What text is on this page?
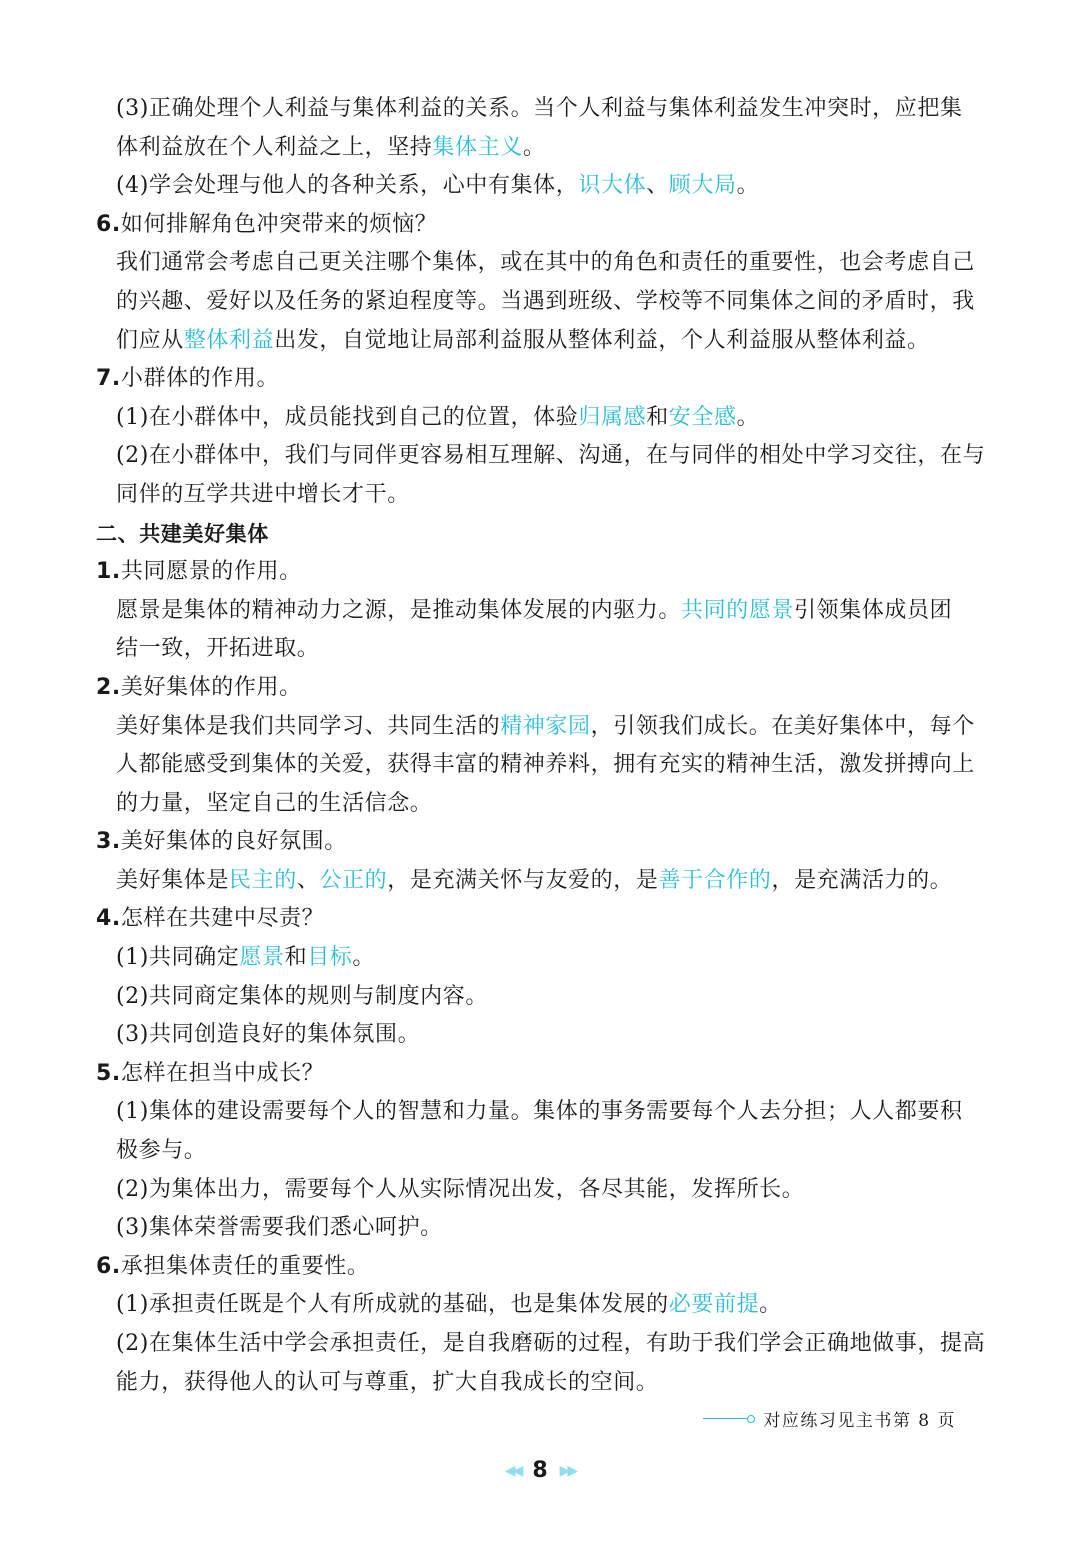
(3)正确处理个人利益与集体利益的关系。当个人利益与集体利益发生冲突时，应把集
体利益放在个人利益之上，坚持集体主义。
(4)学会处理与他人的各种关系，心中有集体，识大体、顾大局。
6.如何排解角色冲突带来的烦恼？
我们通常会考虑自己更关注哪个集体，或在其中的角色和责任的重要性，也会考虑自己
的兴趣、爱好以及任务的紧迫程度等。当遇到班级、学校等不同集体之间的矛盾时，我
们应从整体利益出发，自觉地让局部利益服从整体利益，个人利益服从整体利益。
7.小群体的作用。
(1)在小群体中，成员能找到自己的位置，体验归属感和安全感。
(2)在小群体中，我们与同伴更容易相互理解、沟通，在与同伴的相处中学习交往，在与
同伴的互学共进中增长才干。
二、共建美好集体
1.共同愿景的作用。
愿景是集体的精神动力之源，是推动集体发展的内驱力。共同的愿景引领集体成员团
结一致，开拓进取。
2.美好集体的作用。
美好集体是我们共同学习、共同生活的精神家园，引领我们成长。在美好集体中，每个
人都能感受到集体的关爱，获得丰富的精神养料，拥有充实的精神生活，激发拼搏向上
的力量，坚定自己的生活信念。
3.美好集体的良好氛围。
美好集体是民主的、公正的，是充满关怀与友爱的，是善于合作的，是充满活力的。
4.怎样在共建中尽责？
(1)共同确定愿景和目标。
(2)共同商定集体的规则与制度内容。
(3)共同创造良好的集体氛围。
5.怎样在担当中成长？
(1)集体的建设需要每个人的智慧和力量。集体的事务需要每个人去分担；人人都要积
极参与。
(2)为集体出力，需要每个人从实际情况出发，各尽其能，发挥所长。
(3)集体荣誉需要我们悉心呵护。
6.承担集体责任的重要性。
(1)承担责任既是个人有所成就的基础，也是集体发展的必要前提。
(2)在集体生活中学会承担责任，是自我磨砺的过程，有助于我们学会正确地做事，提高
能力，获得他人的认可与尊重，扩大自我成长的空间。
对应练习见主书第 8 页
◀◀ 8 ▶▶
